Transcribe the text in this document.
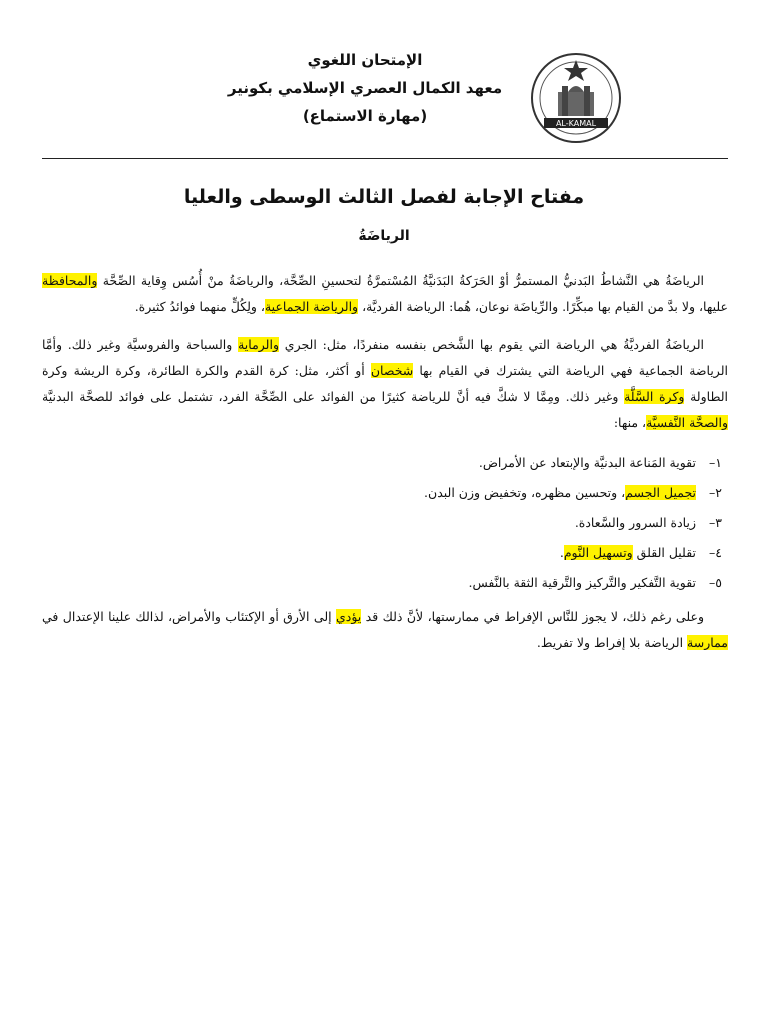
AL-KAMAL
الإمتحان اللغوي
معهد الكمال العصري الإسلامي بكونير
(مهارة الاستماع)
مفتاح الإجابة لفصل الثالث الوسطى والعليا
الرياضَةُ

الرياضَةُ هي النَّشاطُ البَدنيُّ المستمرُّ أوْ الحَرَكةُ البَدَنيَّةُ المُسْتمرَّةُ لتحسينِ الصِّحَّة، والرياضَةُ منْ أُسُس وِقاية الصِّحَّة والمحافظة عليها، ولا بدَّ من القيام بها مبكِّرًا. والرِّياضَة نوعان، هُما: الرياضة الفرديَّة، والرياضة الجماعية، ولِكُلٍّ منهما فوائدُ كثيرة.

الرياضَةُ الفرديَّةُ هي الرياضة التي يقوم بها الشَّخص بنفسه منفردًا، مثل: الجري والرماية والسباحة والفروسيَّة وغير ذلك. وأمَّا الرياضة الجماعية فهي الرياضة التي يشترك في القيام بها شخصان أو أكثر، مثل: كرة القدم والكرة الطائرة، وكرة الريشة وكرة الطاولة وكرة السَّلَّة وغير ذلك. ومِمَّا لا شكَّ فيه أنَّ للرياضة كثيرًا من الفوائد على الصِّحَّة الفرد، تشتمل على فوائد للصحَّة البدنيَّة والصحَّة النَّفسيَّة، منها:

١–تقوية المَناعة البدنيَّة والإبتعاد عن الأمراض.
٢–تجميل الجسم، وتحسين مظهره، وتخفيض وزن البدن.
٣–زيادة السرور والسَّعادة.
٤–تقليل القلق وتسهيل النَّوم.
٥–تقوية التَّفكير والتَّركيز والتَّرقية الثقة بالنَّفس.

وعلى رغم ذلك، لا يجوز للنَّاس الإفراط في ممارستها، لأنَّ ذلك قد يؤدي إلى الأرق أو الإكتئاب والأمراض، لذالك علينا الإعتدال في ممارسة الرياضة بلا إفراط ولا تفريط.
